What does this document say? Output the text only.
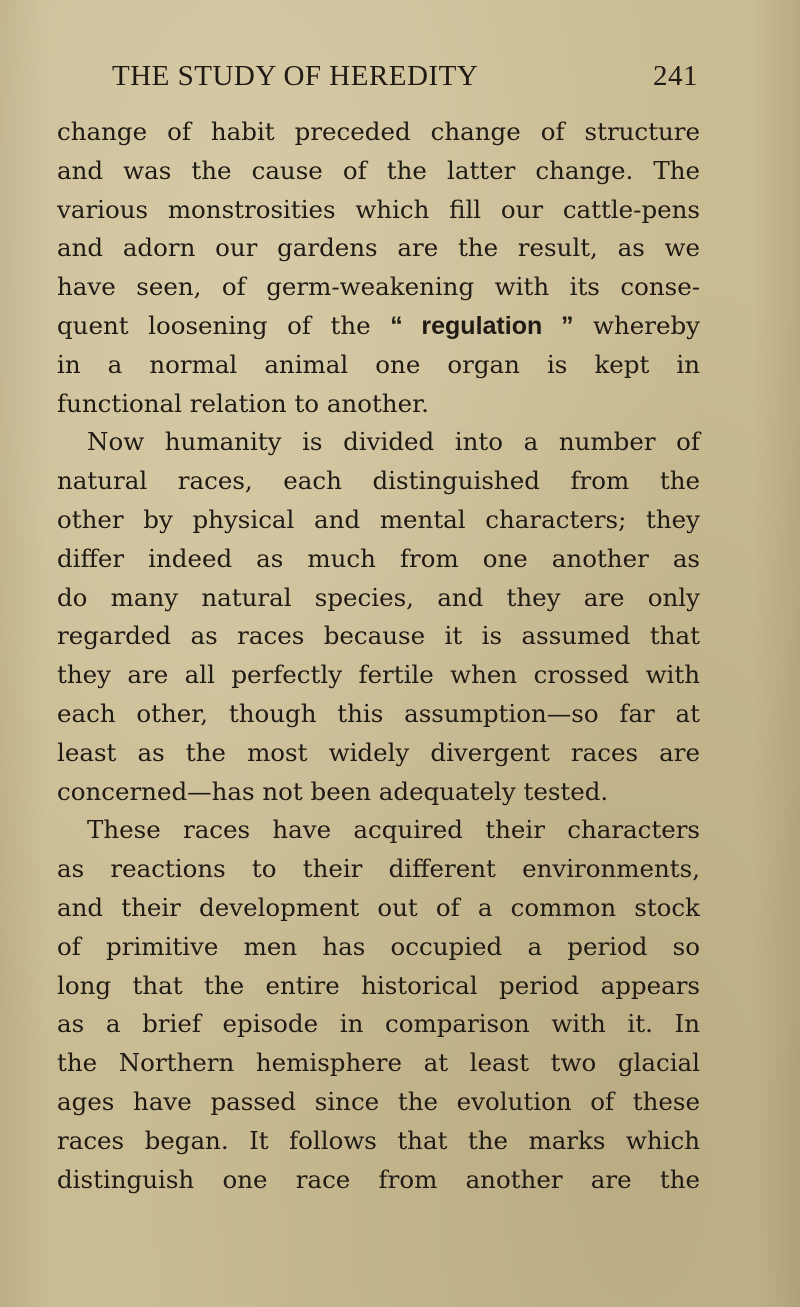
THE STUDY OF HEREDITY	241
change of habit preceded change of structure
and was the cause of the latter change. The
various monstrosities which fill our cattle-pens
and adorn our gardens are the result, as we
have seen, of germ-weakening with its conse-
quent loosening of the “ regulation ” whereby
in a normal animal one organ is kept in
functional relation to another.
Now humanity is divided into a number of
natural races, each distinguished from the
other by physical and mental characters; they
differ indeed as much from one another as
do many natural species, and they are only
regarded as races because it is assumed that
they are all perfectly fertile when crossed with
each other, though this assumption—so far at
least as the most widely divergent races are
concerned—has not been adequately tested.
These races have acquired their characters
as reactions to their different environments,
and their development out of a common stock
of primitive men has occupied a period so
long that the entire historical period appears
as a brief episode in comparison with it. In
the Northern hemisphere at least two glacial
ages have passed since the evolution of these
races began. It follows that the marks which
distinguish one race from another are the
